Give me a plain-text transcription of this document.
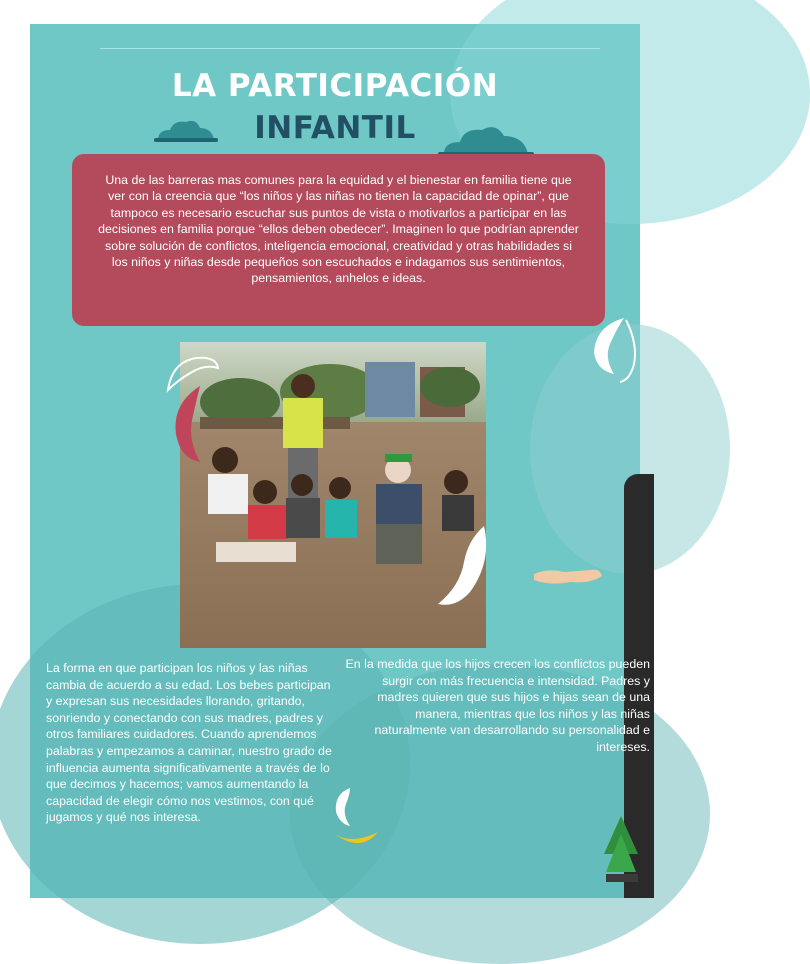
LA PARTICIPACIÓN
INFANTIL
Una de las barreras mas comunes para la equidad y el bienestar en familia tiene que ver con la creencia que “los niños y las niñas no tienen la capacidad de opinar”, que tampoco es necesario escuchar sus puntos de vista o motivarlos a participar en las decisiones en familia porque “ellos deben obedecer”. Imaginen lo que podrían aprender sobre solución de conflictos, inteligencia emocional, creatividad y otras habilidades si los niños y niñas desde pequeños son escuchados e indagamos sus sentimientos, pensamientos, anhelos e ideas.
La forma en que participan los niños y las niñas cambia de acuerdo a su edad. Los bebes participan y expresan sus necesidades llorando, gritando, sonriendo y conectando con sus madres, padres y otros familiares cuidadores. Cuando aprendemos palabras y empezamos a caminar, nuestro grado de influencia aumenta significativamente a través de lo que decimos y hacemos; vamos aumentando la capacidad de elegir cómo nos vestimos, con qué jugamos y qué nos interesa.
En la medida que los hijos crecen los conflictos pueden surgir con más frecuencia e intensidad. Padres y madres quieren que sus hijos e hijas sean de una manera, mientras que los niños y las niñas naturalmente van desarrollando su personalidad e intereses.
